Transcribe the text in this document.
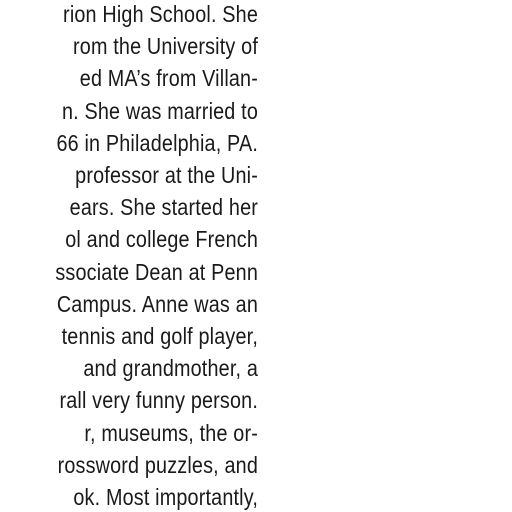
rion High School. She
rom the University of
ed MA’s from Villan-
n. She was married to
66 in Philadelphia, PA.
professor at the Uni-
ears. She started her
ol and college French
ssociate Dean at Penn
Campus. Anne was an
tennis and golf player,
and grandmother, a
rall very funny person.
r, museums, the or-
rossword puzzles, and
ok. Most importantly,
